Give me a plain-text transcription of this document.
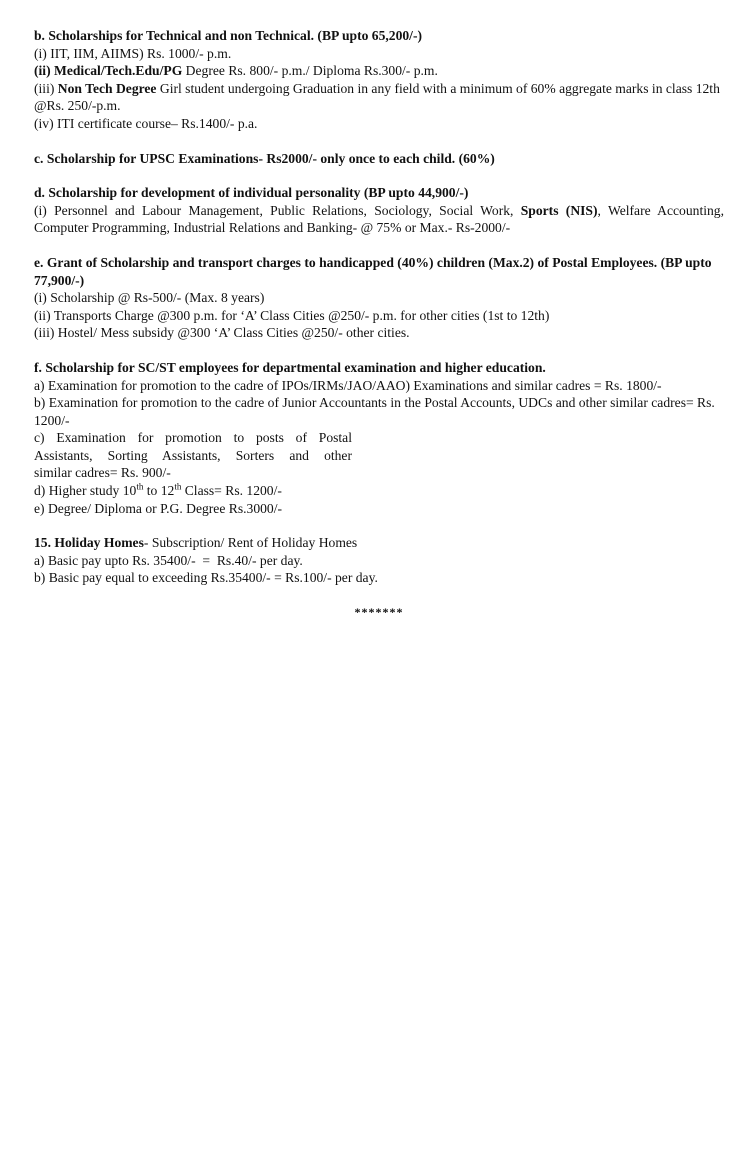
b. Scholarships for Technical and non Technical. (BP upto 65,200/-)

(i) IIT, IIM, AIIMS) Rs. 1000/- p.m.

(ii) Medical/Tech.Edu/PG Degree Rs. 800/- p.m./ Diploma Rs.300/- p.m.

(iii) Non Tech Degree Girl student undergoing Graduation in any field with a minimum of 60% aggregate marks in class 12th @Rs. 250/-p.m.

(iv) ITI certificate course– Rs.1400/- p.a.

c. Scholarship for UPSC Examinations- Rs2000/- only once to each child. (60%)

d. Scholarship for development of individual personality (BP upto 44,900/-)

(i) Personnel and Labour Management, Public Relations, Sociology, Social Work, Sports (NIS), Welfare Accounting, Computer Programming, Industrial Relations and Banking- @ 75% or Max.- Rs-2000/-

e. Grant of Scholarship and transport charges to handicapped (40%) children (Max.2) of Postal Employees. (BP upto 77,900/-)

(i) Scholarship @ Rs-500/- (Max. 8 years)

(ii) Transports Charge @300 p.m. for ‘A’ Class Cities @250/- p.m. for other cities (1st to 12th)

(iii) Hostel/ Mess subsidy @300 ‘A’ Class Cities @250/- other cities.

f. Scholarship for SC/ST employees for departmental examination and higher education.

a) Examination for promotion to the cadre of IPOs/IRMs/JAO/AAO) Examinations and similar cadres = Rs. 1800/-

b) Examination for promotion to the cadre of Junior Accountants in the Postal Accounts, UDCs and other similar cadres= Rs. 1200/-

c) Examination for promotion to posts of Postal

Assistants, Sorting Assistants, Sorters and other

similar cadres= Rs. 900/-

d) Higher study 10th to 12th Class= Rs. 1200/-

e) Degree/ Diploma or P.G. Degree Rs.3000/-

15. Holiday Homes- Subscription/ Rent of Holiday Homes

a) Basic pay upto Rs. 35400/-  =  Rs.40/- per day.

b) Basic pay equal to exceeding Rs.35400/- = Rs.100/- per day.

*******
